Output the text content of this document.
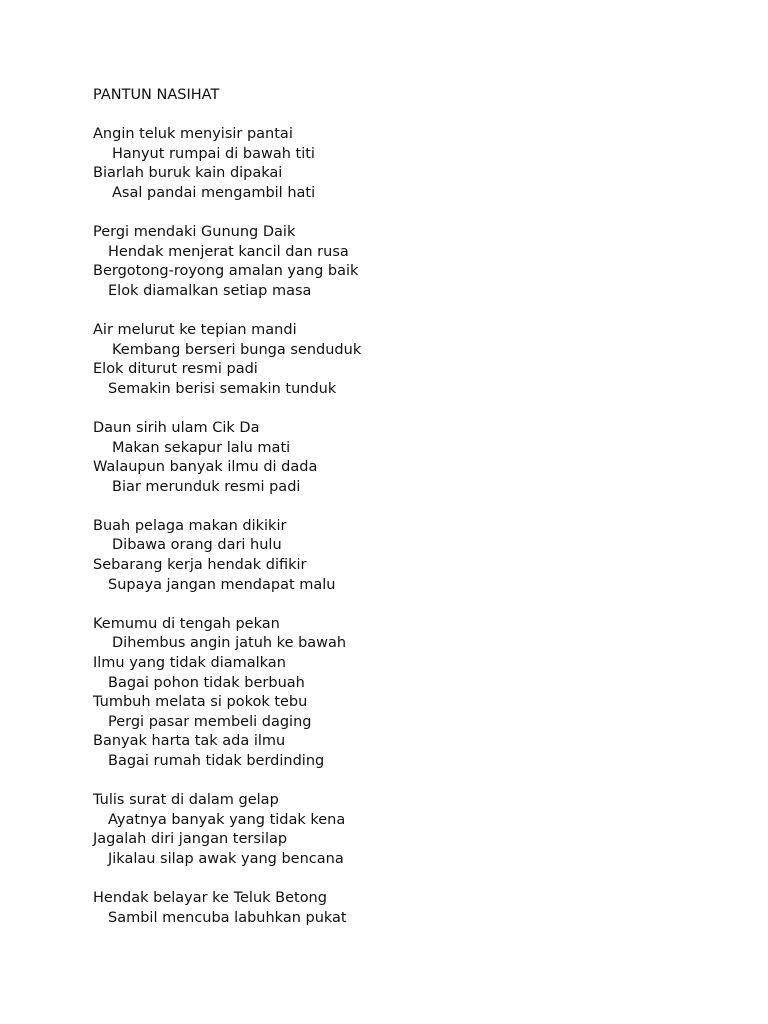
PANTUN NASIHAT
Angin teluk menyisir pantai
Hanyut rumpai di bawah titi
Biarlah buruk kain dipakai
Asal pandai mengambil hati
Pergi mendaki Gunung Daik
Hendak menjerat kancil dan rusa
Bergotong-royong amalan yang baik
Elok diamalkan setiap masa
Air melurut ke tepian mandi
Kembang berseri bunga senduduk
Elok diturut resmi padi
Semakin berisi semakin tunduk
Daun sirih ulam Cik Da
Makan sekapur lalu mati
Walaupun banyak ilmu di dada
Biar merunduk resmi padi
Buah pelaga makan dikikir
Dibawa orang dari hulu
Sebarang kerja hendak difikir
Supaya jangan mendapat malu
Kemumu di tengah pekan
Dihembus angin jatuh ke bawah
Ilmu yang tidak diamalkan
Bagai pohon tidak berbuah
Tumbuh melata si pokok tebu
Pergi pasar membeli daging
Banyak harta tak ada ilmu
Bagai rumah tidak berdinding
Tulis surat di dalam gelap
Ayatnya banyak yang tidak kena
Jagalah diri jangan tersilap
Jikalau silap awak yang bencana
Hendak belayar ke Teluk Betong
Sambil mencuba labuhkan pukat
